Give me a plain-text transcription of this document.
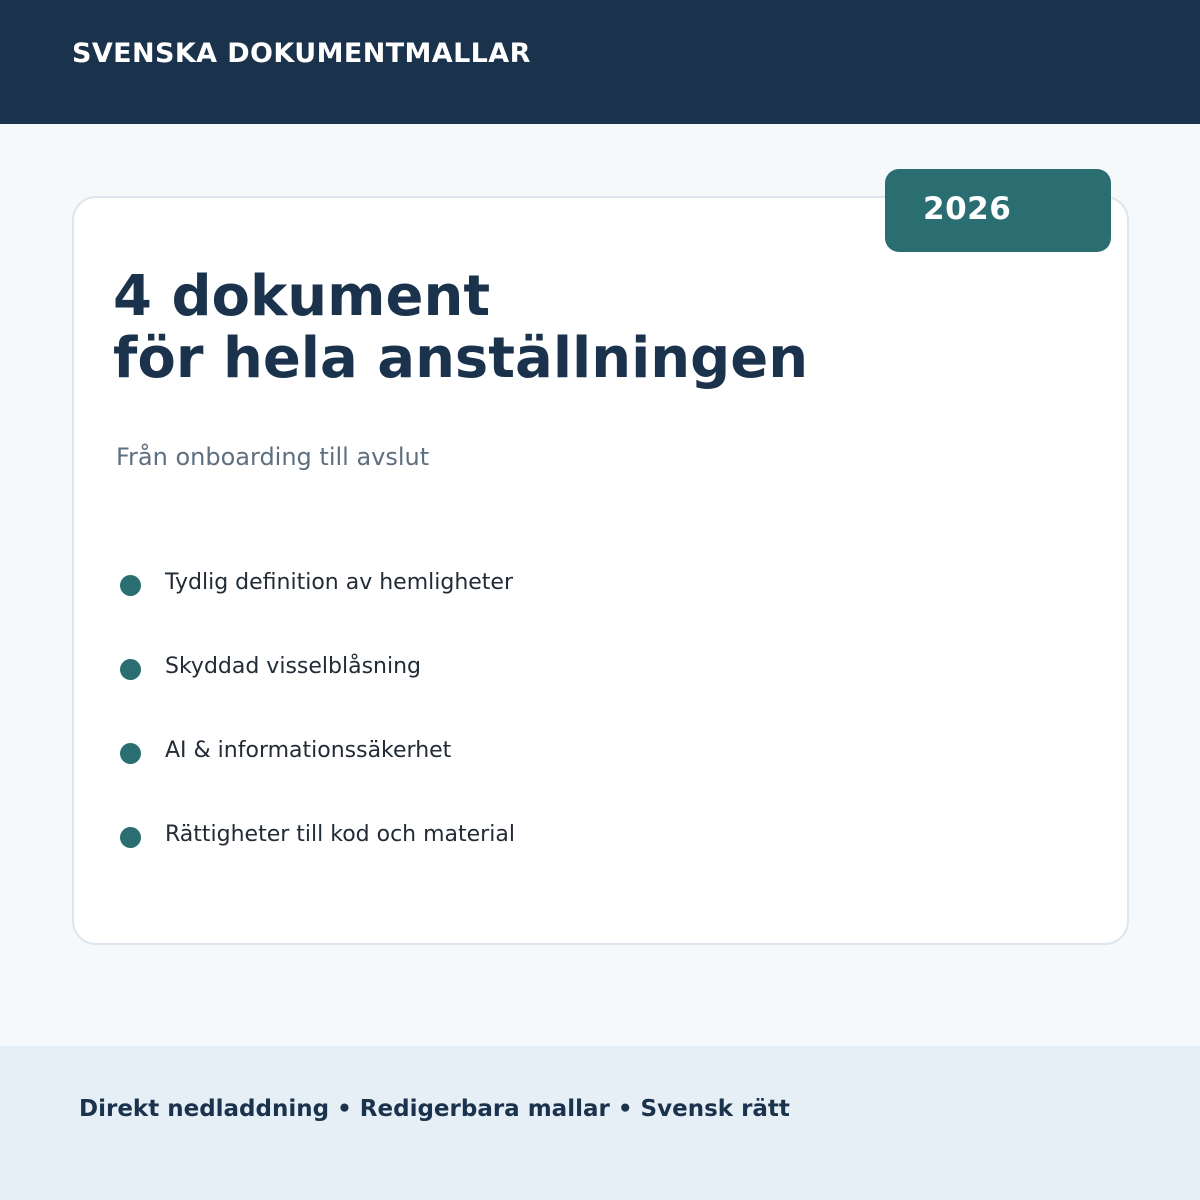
SVENSKA DOKUMENTMALLAR
2026
4 dokument
för hela anställningen

Från onboarding till avslut

Tydlig definition av hemligheter
Skyddad visselblåsning
AI & informationssäkerhet
Rättigheter till kod och material
Direkt nedladdning • Redigerbara mallar • Svensk rätt
